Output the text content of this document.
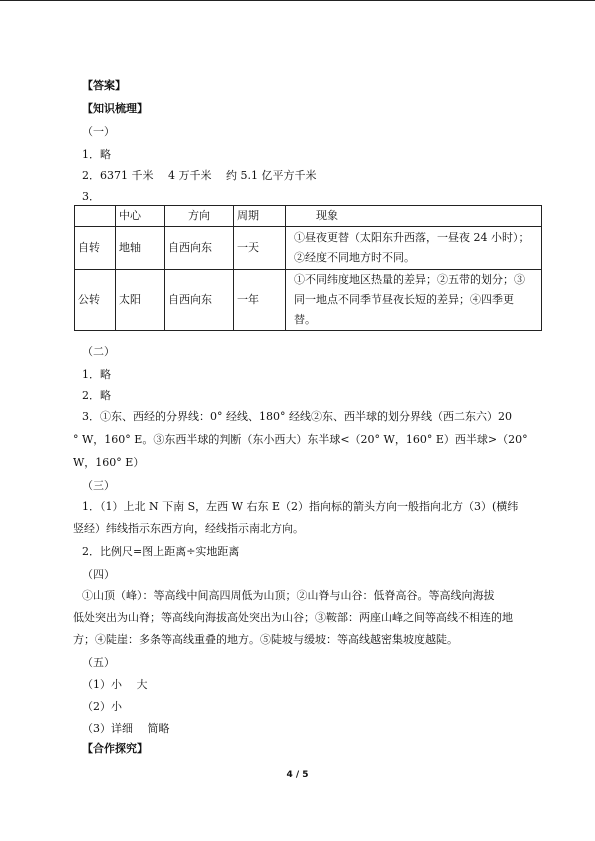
【答案】
【知识梳理】
（一）
1．略
2．6371 千米　 4 万千米　 约 5.1 亿平方千米
3．
	中心	方向	周期	现象
自转	地轴	自西向东	一天	①昼夜更替（太阳东升西落，一昼夜 24 小时）；②经度不同地方时不同。
公转	太阳	自西向东	一年	①不同纬度地区热量的差异；②五带的划分；③同一地点不同季节昼夜长短的差异；④四季更替。
（二）
1．略
2．略
3．①东、西经的分界线：0° 经线、180° 经线②东、西半球的划分界线（西二东六）20
° W，160° E。③东西半球的判断（东小西大）东半球<（20° W，160° E）西半球>（20°
W，160° E）
（三）
1．（1）上北 N 下南 S，左西 W 右东 E（2）指向标的箭头方向一般指向北方（3）(横纬
竖经）纬线指示东西方向，经线指示南北方向。
2．比例尺=图上距离÷实地距离
（四）
①山顶（峰）：等高线中间高四周低为山顶；②山脊与山谷：低脊高谷。等高线向海拔
低处突出为山脊；等高线向海拔高处突出为山谷；③鞍部：两座山峰之间等高线不相连的地
方；④陡崖：多条等高线重叠的地方。⑤陡坡与缓坡：等高线越密集坡度越陡。
（五）
（1）小　 大
（2）小
（3）详细　 简略
【合作探究】
4 / 5
